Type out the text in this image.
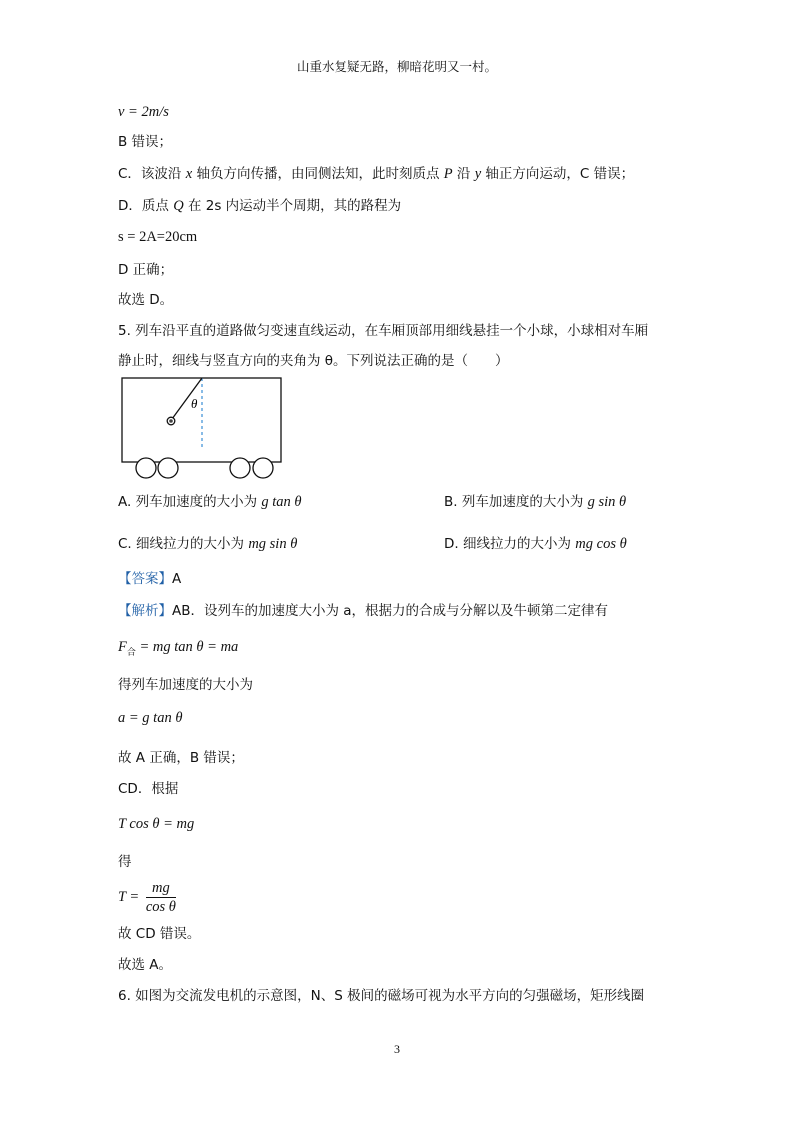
山重水复疑无路，柳暗花明又一村。
v = 2m/s
B 错误；
C．该波沿 x 轴负方向传播，由同侧法知，此时刻质点 P 沿 y 轴正方向运动，C 错误；
D．质点 Q 在 2s 内运动半个周期，其的路程为
s = 2A=20cm
D 正确；
故选 D。
5. 列车沿平直的道路做匀变速直线运动，在车厢顶部用细线悬挂一个小球，小球相对车厢
静止时，细线与竖直方向的夹角为 θ。下列说法正确的是（　　）
θ
A. 列车加速度的大小为 g tan θ	B. 列车加速度的大小为 g sin θ
C. 细线拉力的大小为 mg sin θ	D. 细线拉力的大小为 mg cos θ
【答案】A
【解析】AB．设列车的加速度大小为 a，根据力的合成与分解以及牛顿第二定律有
$F_合$ = mg tan θ = ma
得列车加速度的大小为
a = g tan θ
故 A 正确，B 错误；
CD．根据
T cos θ = mg
得
$T = \frac{mg}{\text{cos θ}}$
故 CD 错误。
故选 A。
6. 如图为交流发电机的示意图，N、S 极间的磁场可视为水平方向的匀强磁场，矩形线圈
3
